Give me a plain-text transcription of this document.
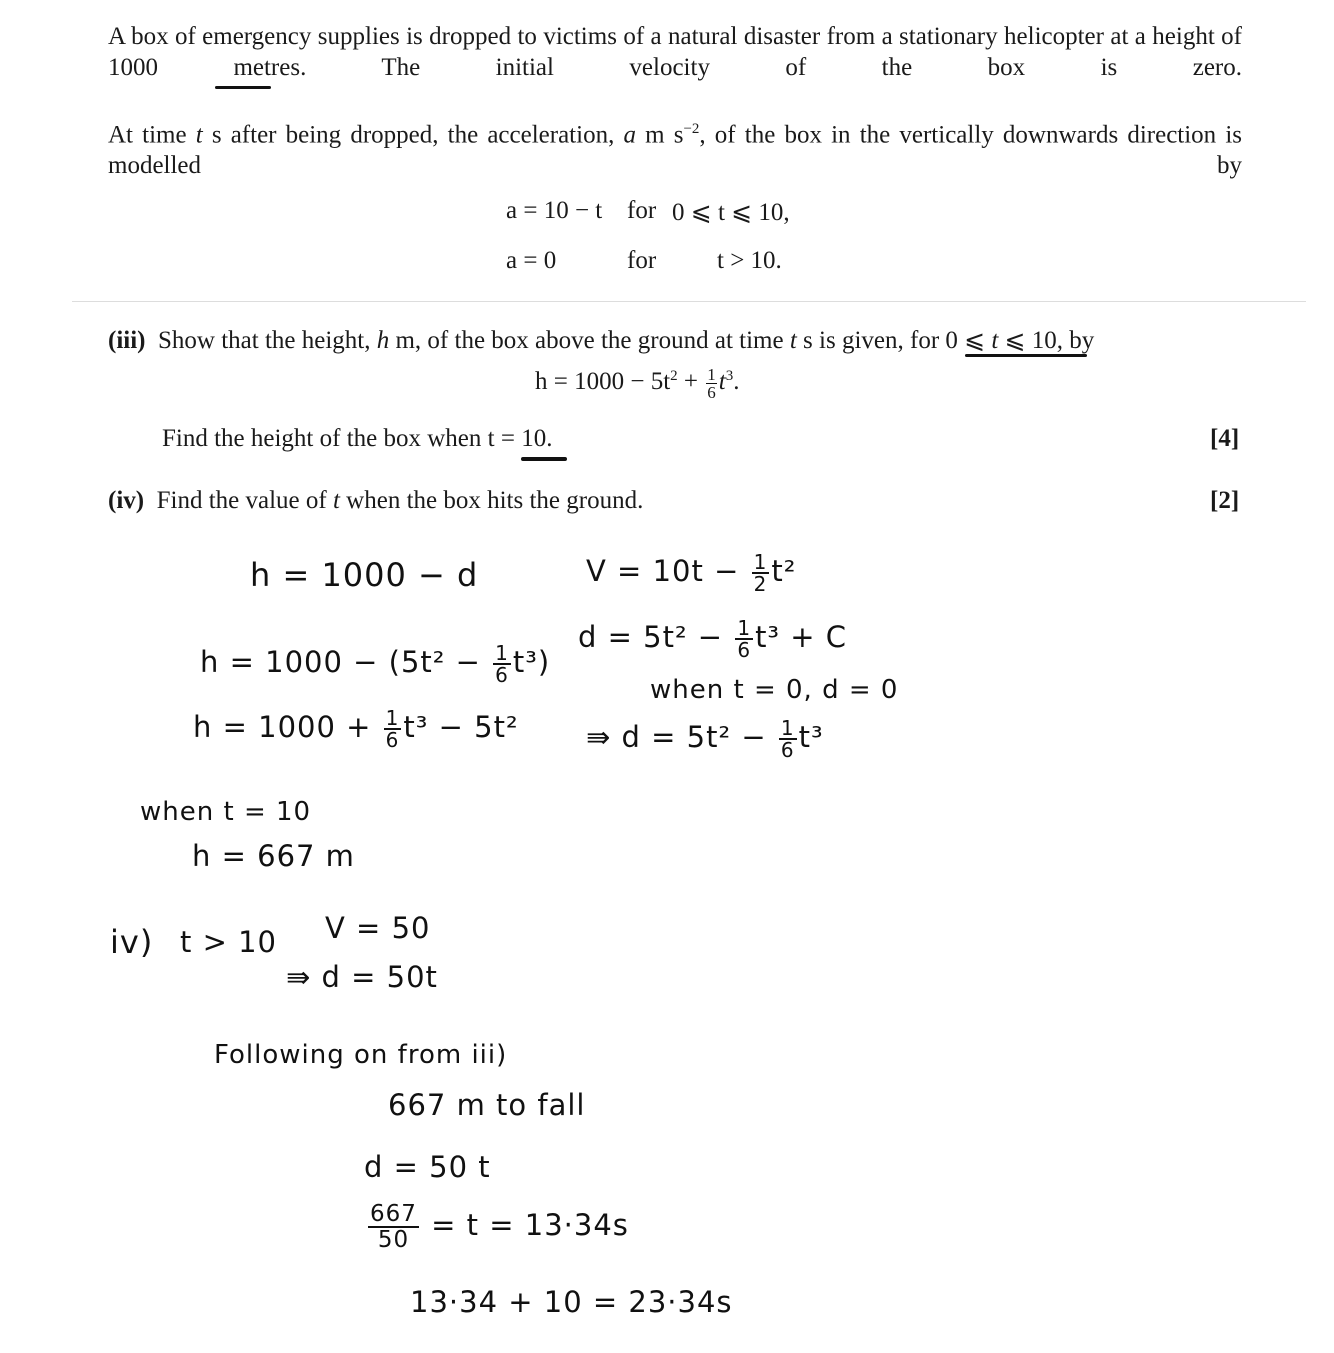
A box of emergency supplies is dropped to victims of a natural disaster from a stationary helicopter at a height of 1000 metres. The initial velocity of the box is zero.
At time t s after being dropped, the acceleration, a m $s^{-2}$, of the box in the vertically downwards direction is modelled by
a = 10 − t for 0 ⩽ t ⩽ 10,
a = 0	for t > 10.
(iii) Show that the height, h m, of the box above the ground at time t s is given, for 0 ⩽ t ⩽ 10, by
$h = 1000 - 5t^2 + \frac{1}{6} t^3$.
Find the height of the box when t = 10.	[4]
(iv) Find the value of t when the box hits the ground.	[2]
h = 1000 − d
$h = 1000 - (5t^2 - \frac{1}{6} t^3)$
$h = 1000 + \frac{1}{6} t^3 - 5t^2$
$V = 10t - \frac{1}{2} t^2$
$d = 5t^2 - \frac{1}{6} t^3 + C$
when t = 0, d = 0
⇛ $d = 5t^2 - \frac{1}{6} t^3$
when t = 10
h = 667 m
iv) t > 10 V = 50
⇛ d = 50t
Following on from iii)
667 m to fall
d = 50 t
$\frac{667}{50} = t = 13\cdot 34s$
13·34 + 10 = 23·34s
